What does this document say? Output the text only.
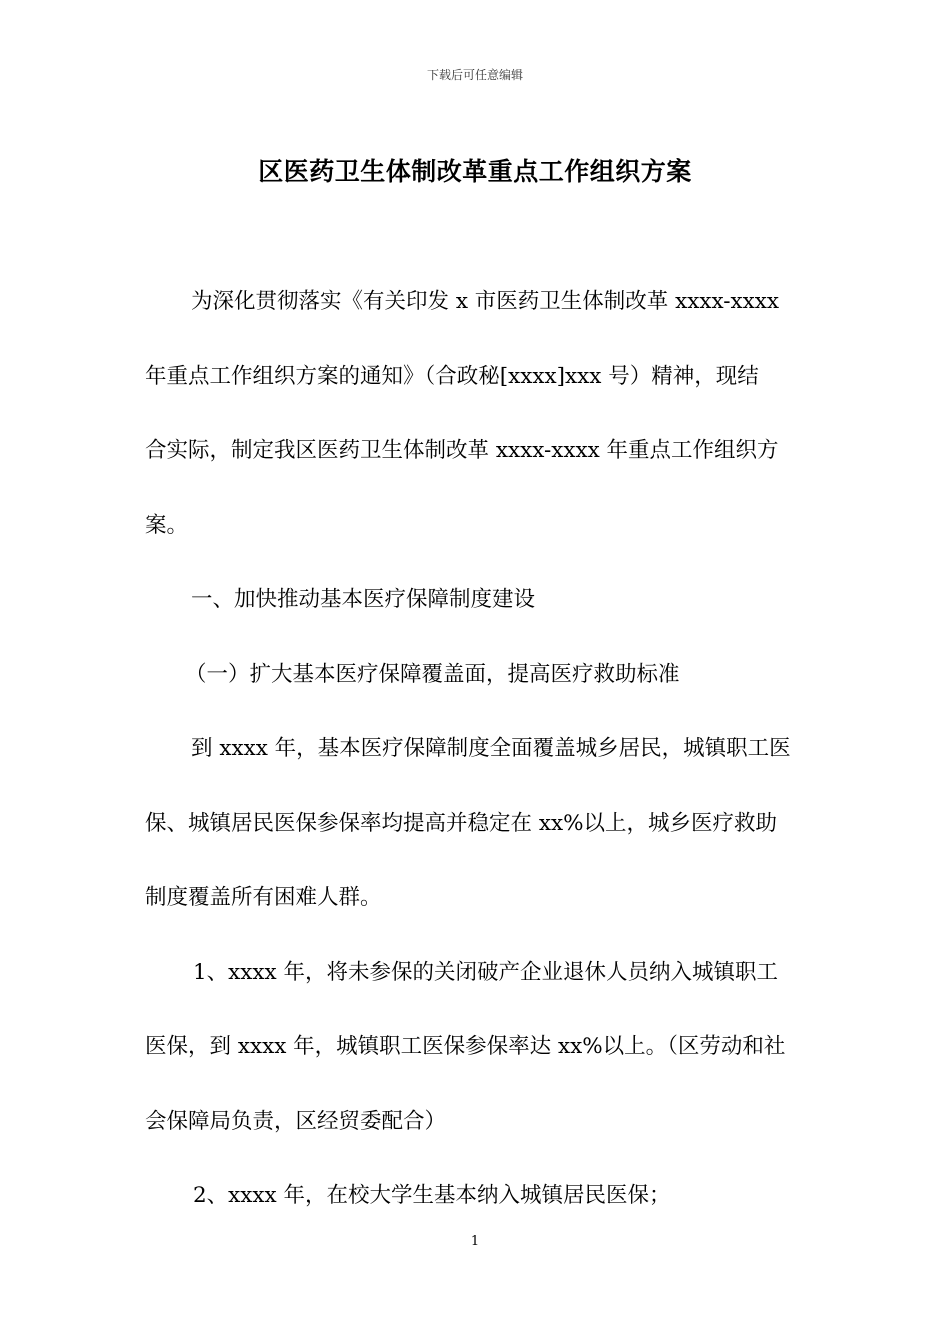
下载后可任意编辑
区医药卫生体制改革重点工作组织方案
为深化贯彻落实《有关印发 x 市医药卫生体制改革 xxxx-xxxx
年重点工作组织方案的通知》（合政秘[xxxx]xxx 号）精神，现结
合实际，制定我区医药卫生体制改革 xxxx-xxxx 年重点工作组织方
案。
一、加快推动基本医疗保障制度建设
（一）扩大基本医疗保障覆盖面，提高医疗救助标准
到 xxxx 年，基本医疗保障制度全面覆盖城乡居民，城镇职工医
保、城镇居民医保参保率均提高并稳定在 xx%以上，城乡医疗救助
制度覆盖所有困难人群。
1、xxxx 年，将未参保的关闭破产企业退休人员纳入城镇职工
医保，到 xxxx 年，城镇职工医保参保率达 xx%以上。（区劳动和社
会保障局负责，区经贸委配合）
2、xxxx 年，在校大学生基本纳入城镇居民医保；
1
